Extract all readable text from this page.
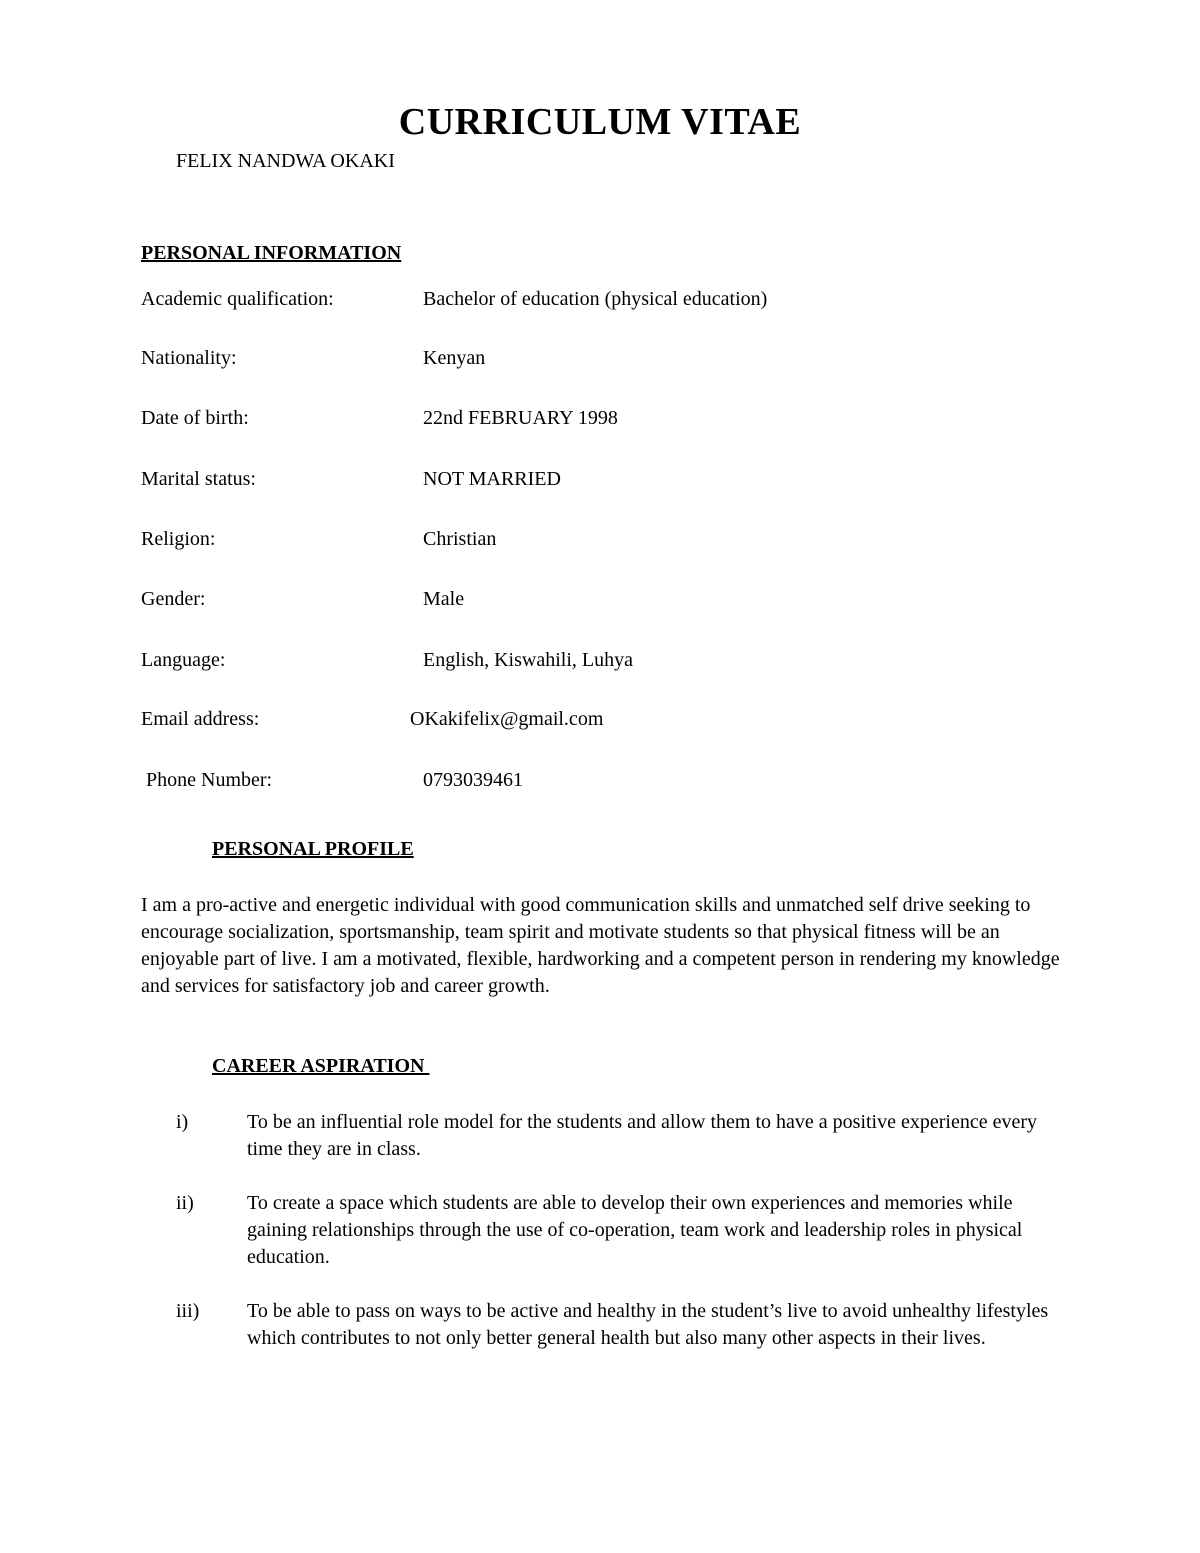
CURRICULUM VITAE

FELIX NANDWA OKAKI

PERSONAL INFORMATION
Academic qualification:	Bachelor of education (physical education)
Nationality:	Kenyan
Date of birth:	22nd FEBRUARY 1998
Marital status:	NOT MARRIED
Religion:	Christian
Gender:	Male
Language:	English, Kiswahili, Luhya
Email address:	OKakifelix@gmail.com
Phone Number:	0793039461
PERSONAL PROFILE

I am a pro-active and energetic individual with good communication skills and unmatched self drive seeking to encourage socialization, sportsmanship, team spirit and motivate students so that physical fitness will be an enjoyable part of live. I am a motivated, flexible, hardworking and a competent person in rendering my knowledge and services for satisfactory job and career growth.

CAREER ASPIRATION
i)	To be an influential role model for the students and allow them to have a positive experience every time they are in class.
ii)	To create a space which students are able to develop their own experiences and memories while gaining relationships through the use of co-operation, team work and leadership roles in physical education.
iii) To be able to pass on ways to be active and healthy in the student’s live to avoid unhealthy lifestyles which contributes to not only better general health but also many other aspects in their lives.
